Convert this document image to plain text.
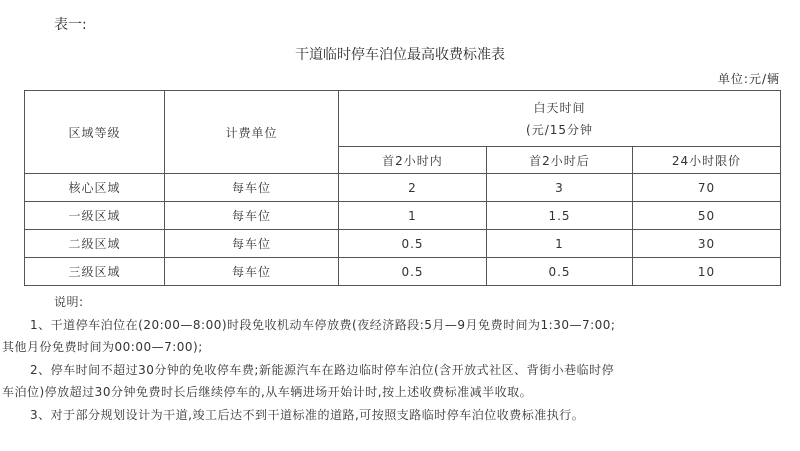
表一:
干道临时停车泊位最高收费标准表
单位:元/辆
区域等级	计费单位	白天时间
(元/15分钟		

		首2小时内	首2小时后	24小时限价
核心区域	每车位	2	3	70
一级区域	每车位	1	1.5	50
二级区域	每车位	0.5	1	30
三级区域	每车位	0.5	0.5	10
说明:
1、干道停车泊位在(20:00—8:00)时段免收机动车停放费(夜经济路段:5月—9月免费时间为1:30—7:00;
其他月份免费时间为00:00—7:00);
2、停车时间不超过30分钟的免收停车费;新能源汽车在路边临时停车泊位(含开放式社区、背街小巷临时停
车泊位)停放超过30分钟免费时长后继续停车的,从车辆进场开始计时,按上述收费标准减半收取。
3、对于部分规划设计为干道,竣工后达不到干道标准的道路,可按照支路临时停车泊位收费标准执行。
